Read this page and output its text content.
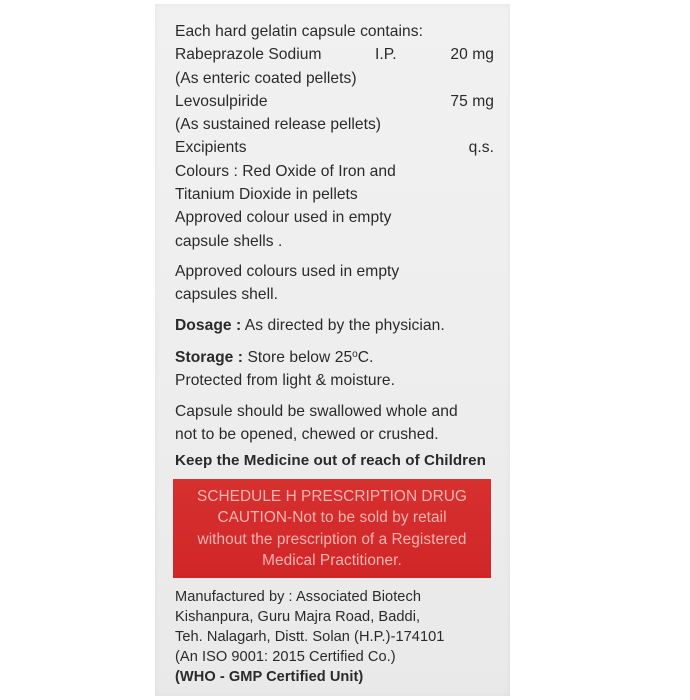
Each hard gelatin capsule contains:
Rabeprazole Sodium	I.P.	20 mg
(As enteric coated pellets)
Levosulpiride	75 mg
(As sustained release pellets)
Excipients	q.s.
Colours : Red Oxide of Iron and
Titanium Dioxide in pellets
Approved colour used in empty
capsule shells .
Approved colours used in empty
capsules shell.
Dosage : As directed by the physician.
Storage : Store below 25$^o$C.
Protected from light & moisture.
Capsule should be swallowed whole and
not to be opened, chewed or crushed.
Keep the Medicine out of reach of Children
SCHEDULE H PRESCRIPTION DRUG
CAUTION-Not to be sold by retail
without the prescription of a Registered
Medical Practitioner.
Manufactured by : Associated Biotech
Kishanpura, Guru Majra Road, Baddi,
Teh. Nalagarh, Distt. Solan (H.P.)-174101
(An ISO 9001: 2015 Certified Co.)
(WHO - GMP Certified Unit)
